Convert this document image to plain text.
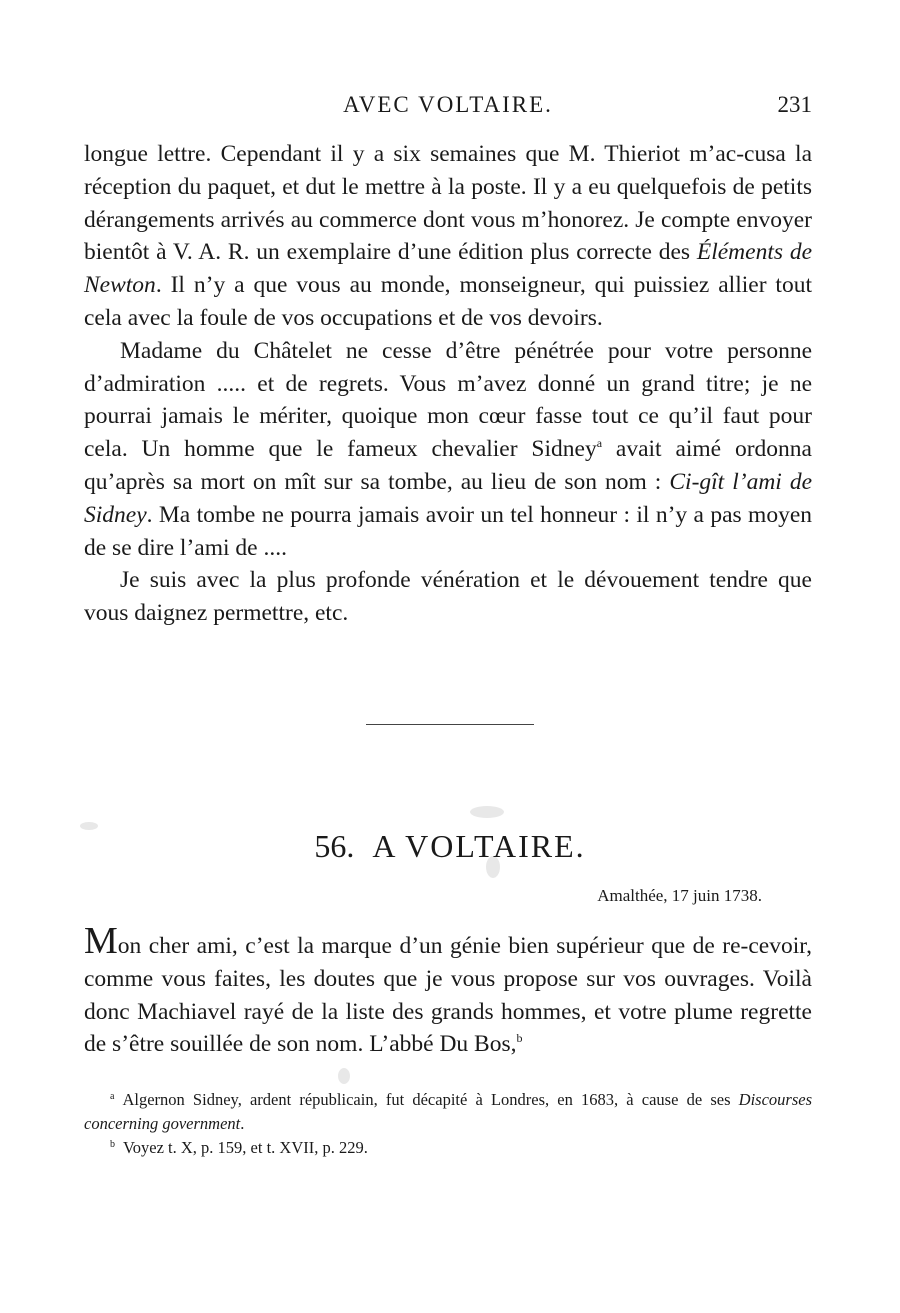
AVEC VOLTAIRE.	231

longue lettre. Cependant il y a six semaines que M. Thieriot m’ac-cusa la réception du paquet, et dut le mettre à la poste. Il y a eu quelquefois de petits dérangements arrivés au commerce dont vous m’honorez. Je compte envoyer bientôt à V. A. R. un exemplaire d’une édition plus correcte des Éléments de Newton. Il n’y a que vous au monde, monseigneur, qui puissiez allier tout cela avec la foule de vos occupations et de vos devoirs.

Madame du Châtelet ne cesse d’être pénétrée pour votre personne d’admiration ..... et de regrets. Vous m’avez donné un grand titre; je ne pourrai jamais le mériter, quoique mon cœur fasse tout ce qu’il faut pour cela. Un homme que le fameux chevalier Sidney$^a$ avait aimé ordonna qu’après sa mort on mît sur sa tombe, au lieu de son nom : Ci-gît l’ami de Sidney. Ma tombe ne pourra jamais avoir un tel honneur : il n’y a pas moyen de se dire l’ami de ....

Je suis avec la plus profonde vénération et le dévouement tendre que vous daignez permettre, etc.

56. A VOLTAIRE.
Amalthée, 17 juin 1738.

Mon cher ami, c’est la marque d’un génie bien supérieur que de re-cevoir, comme vous faites, les doutes que je vous propose sur vos ouvrages. Voilà donc Machiavel rayé de la liste des grands hommes, et votre plume regrette de s’être souillée de son nom. L’abbé Du Bos,$^b$

$^a$ Algernon Sidney, ardent républicain, fut décapité à Londres, en 1683, à cause de ses Discourses concerning government.

$^b$ Voyez t. X, p. 159, et t. XVII, p. 229.
